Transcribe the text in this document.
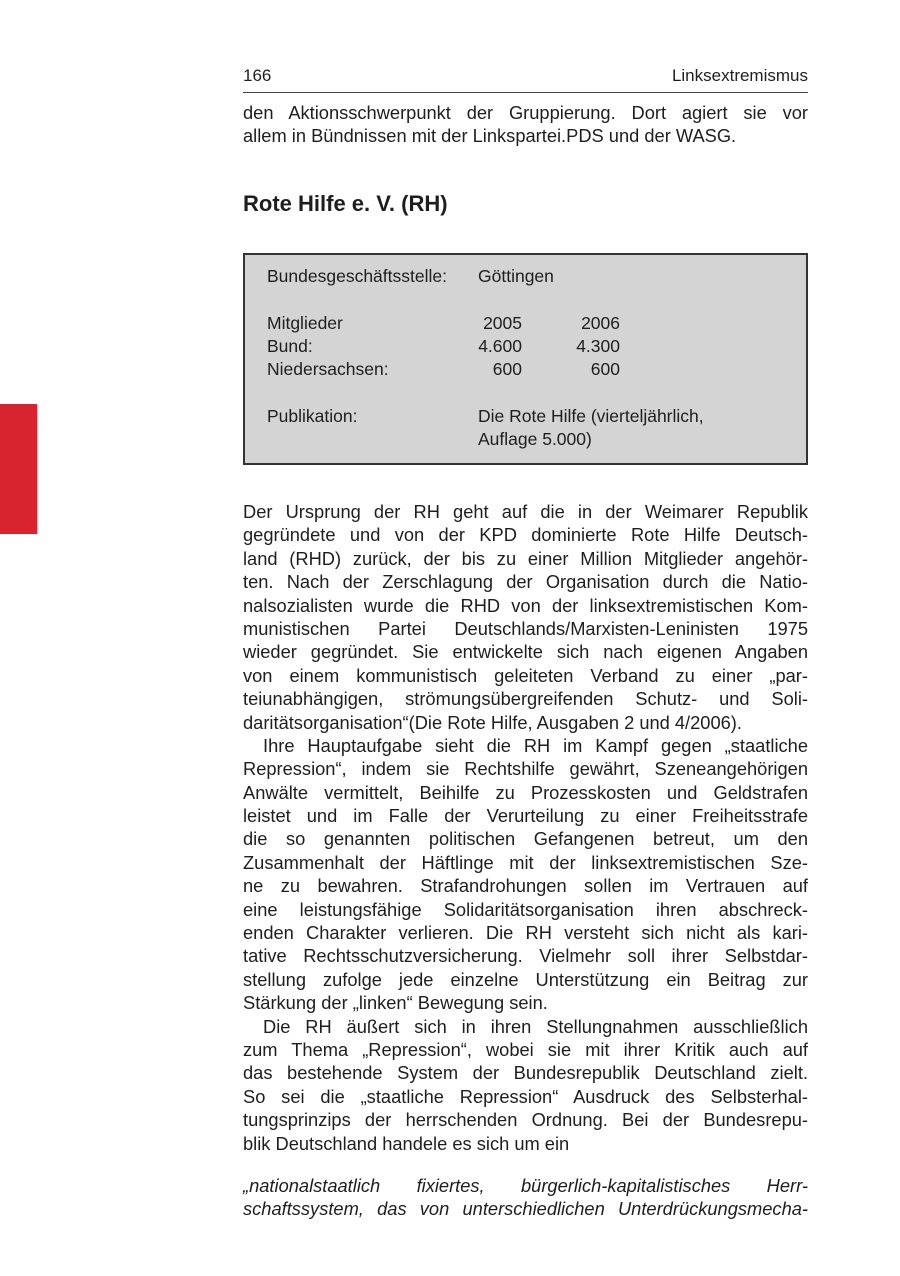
166	Linksextremismus
den Aktionsschwerpunkt der Gruppierung. Dort agiert sie vor
allem in Bündnissen mit der Linkspartei.PDS und der WASG.
Rote Hilfe e. V. (RH)
Bundesgeschäftsstelle: Göttingen
Mitglieder	2005	2006
Bund:	4.600	4.300
Niedersachsen:	600	600
Publikation:	Die Rote Hilfe (vierteljährlich,
Auflage 5.000)
Der Ursprung der RH geht auf die in der Weimarer Republik
gegründete und von der KPD dominierte Rote Hilfe Deutsch-
land (RHD) zurück, der bis zu einer Million Mitglieder angehör-
ten. Nach der Zerschlagung der Organisation durch die Natio-
nalsozialisten wurde die RHD von der linksextremistischen Kom-
munistischen Partei Deutschlands/Marxisten-Leninisten 1975
wieder gegründet. Sie entwickelte sich nach eigenen Angaben
von einem kommunistisch geleiteten Verband zu einer „par-
teiunabhängigen, strömungsübergreifenden Schutz- und Soli-
daritätsorganisation“(Die Rote Hilfe, Ausgaben 2 und 4/2006).
Ihre Hauptaufgabe sieht die RH im Kampf gegen „staatliche
Repression“, indem sie Rechtshilfe gewährt, Szeneangehörigen
Anwälte vermittelt, Beihilfe zu Prozesskosten und Geldstrafen
leistet und im Falle der Verurteilung zu einer Freiheitsstrafe
die so genannten politischen Gefangenen betreut, um den
Zusammenhalt der Häftlinge mit der linksextremistischen Sze-
ne zu bewahren. Strafandrohungen sollen im Vertrauen auf
eine leistungsfähige Solidaritätsorganisation ihren abschreck-
enden Charakter verlieren. Die RH versteht sich nicht als kari-
tative Rechtsschutzversicherung. Vielmehr soll ihrer Selbstdar-
stellung zufolge jede einzelne Unterstützung ein Beitrag zur
Stärkung der „linken“ Bewegung sein.
Die RH äußert sich in ihren Stellungnahmen ausschließlich
zum Thema „Repression“, wobei sie mit ihrer Kritik auch auf
das bestehende System der Bundesrepublik Deutschland zielt.
So sei die „staatliche Repression“ Ausdruck des Selbsterhal-
tungsprinzips der herrschenden Ordnung. Bei der Bundesrepu-
blik Deutschland handele es sich um ein
„nationalstaatlich fixiertes, bürgerlich-kapitalistisches Herr-
schaftssystem, das von unterschiedlichen Unterdrückungsmecha-
